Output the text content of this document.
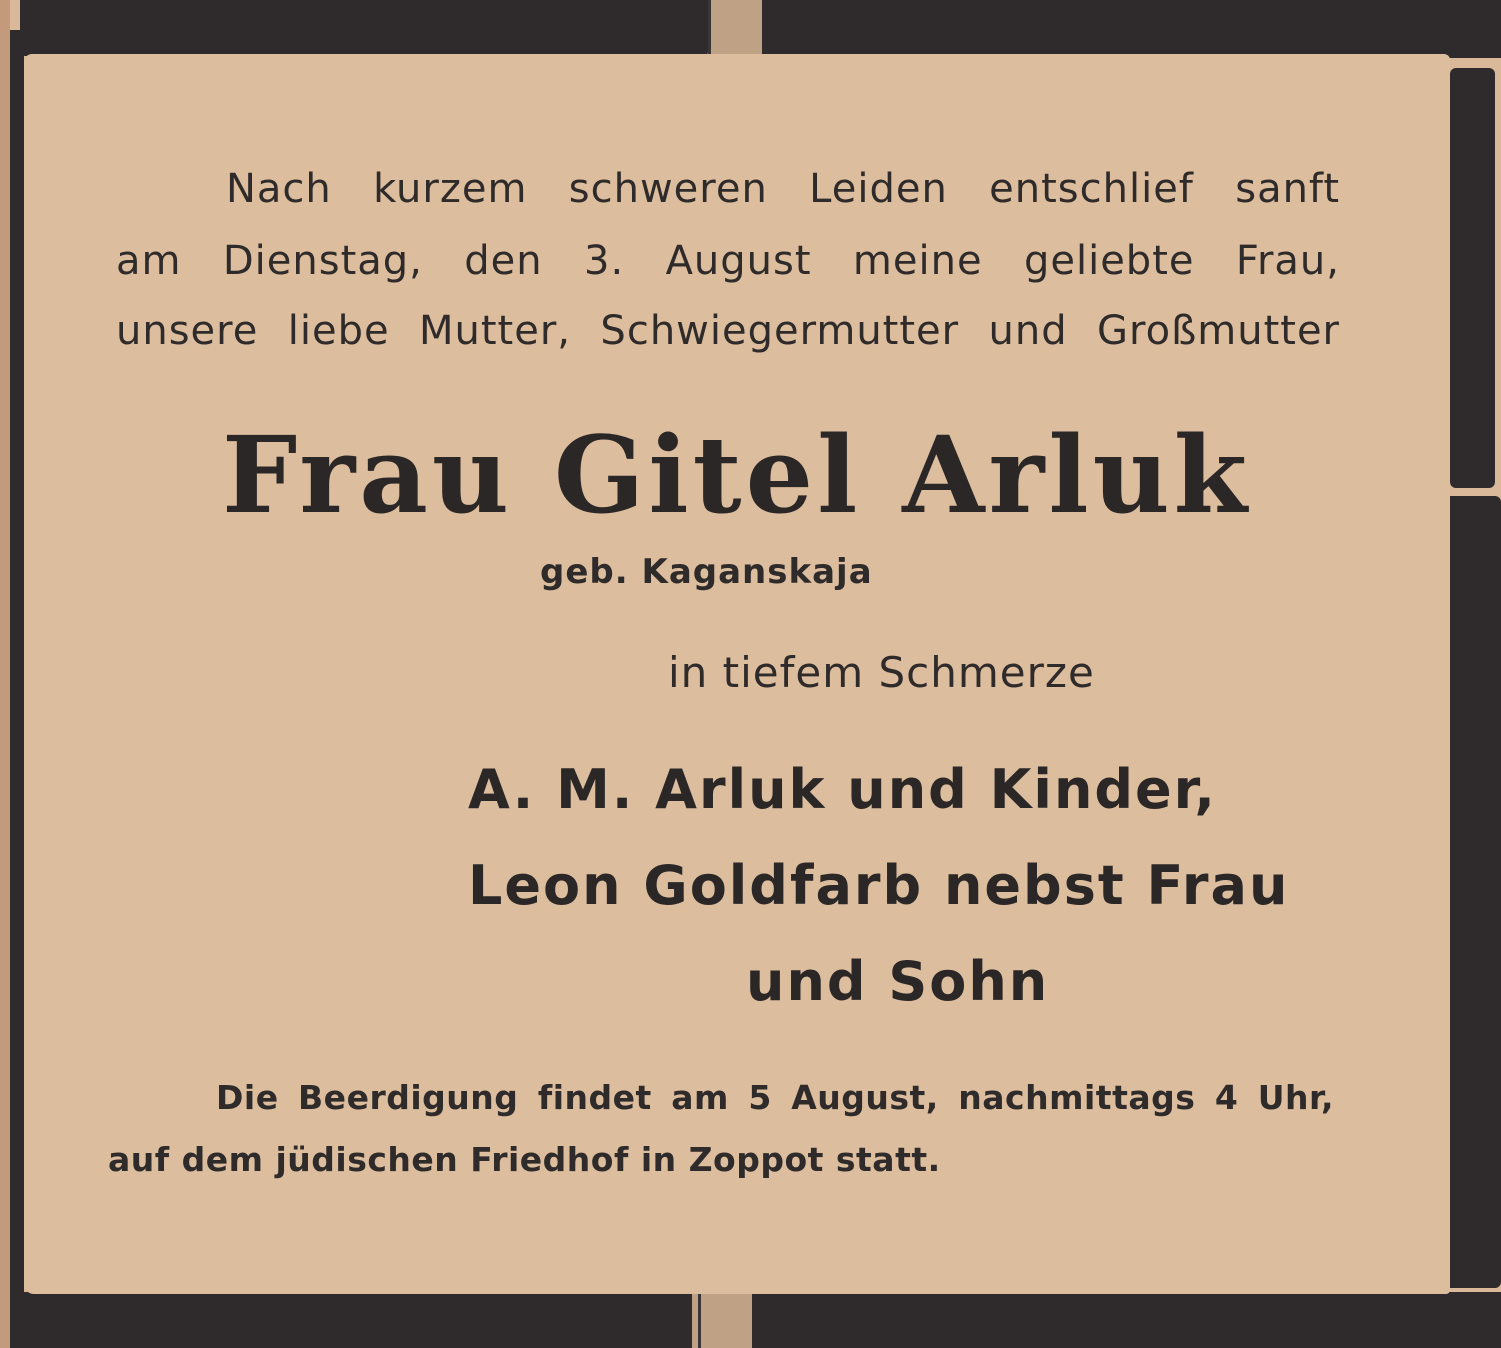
Nach kurzem schweren Leiden entschlief sanft

am Dienstag, den 3. August meine geliebte Frau,

unsere liebe Mutter, Schwiegermutter und Großmutter

Frau Gitel Arluk

geb. Kaganskaja

in tiefem Schmerze

A. M. Arluk und Kinder,

Leon Goldfarb nebst Frau

und Sohn

Die Beerdigung findet am 5 August, nachmittags 4 Uhr,

auf dem jüdischen Friedhof in Zoppot statt.
